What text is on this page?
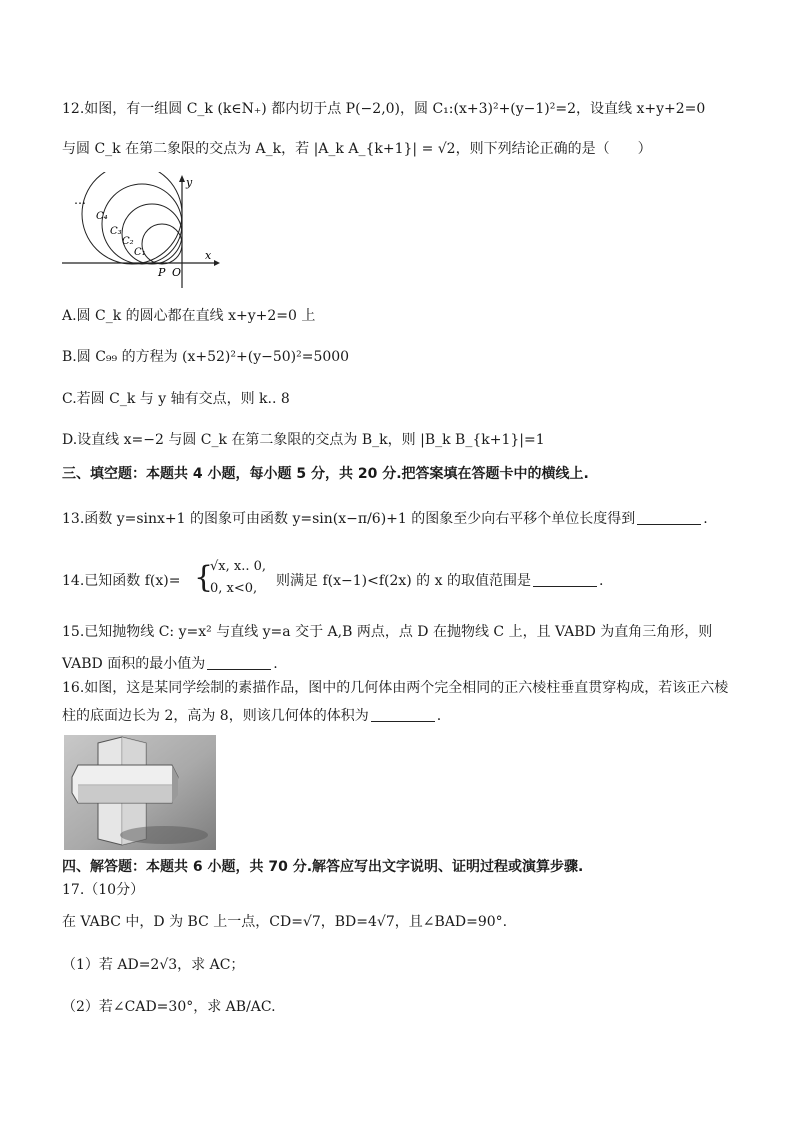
12.如图，有一组圆 C_k (k∈N₊) 都内切于点 P(−2,0)，圆 C₁:(x+3)²+(y−1)²=2，设直线 x+y+2=0
与圆 C_k 在第二象限的交点为 A_k，若 |A_k A_{k+1}| = √2，则下列结论正确的是（　　）
…
C₄
C₃
C₂
C₁	x
y
P O
A.圆 C_k 的圆心都在直线 x+y+2=0 上
B.圆 C₉₉ 的方程为 (x+52)²+(y−50)²=5000
C.若圆 C_k 与 y 轴有交点，则 k.. 8
D.设直线 x=−2 与圆 C_k 在第二象限的交点为 B_k，则 |B_k B_{k+1}|=1
三、填空题：本题共 4 小题，每小题 5 分，共 20 分.把答案填在答题卡中的横线上.
13.函数 y=sinx+1 的图象可由函数 y=sin(x−π/6)+1 的图象至少向右平移个单位长度得到	.
14.已知函数 f(x)= {
√x, x.. 0,
0, x<0, 则满足 f(x−1)<f(2x) 的 x 的取值范围是	.
15.已知抛物线 C: y=x² 与直线 y=a 交于 A,B 两点，点 D 在抛物线 C 上，且 VABD 为直角三角形，则
VABD 面积的最小值为	.
16.如图，这是某同学绘制的素描作品，图中的几何体由两个完全相同的正六棱柱垂直贯穿构成，若该正六棱
柱的底面边长为 2，高为 8，则该几何体的体积为	.
四、解答题：本题共 6 小题，共 70 分.解答应写出文字说明、证明过程或演算步骤.
17.（10分）
在 VABC 中，D 为 BC 上一点，CD=√7，BD=4√7，且∠BAD=90°.
（1）若 AD=2√3，求 AC；
（2）若∠CAD=30°，求 AB/AC.
